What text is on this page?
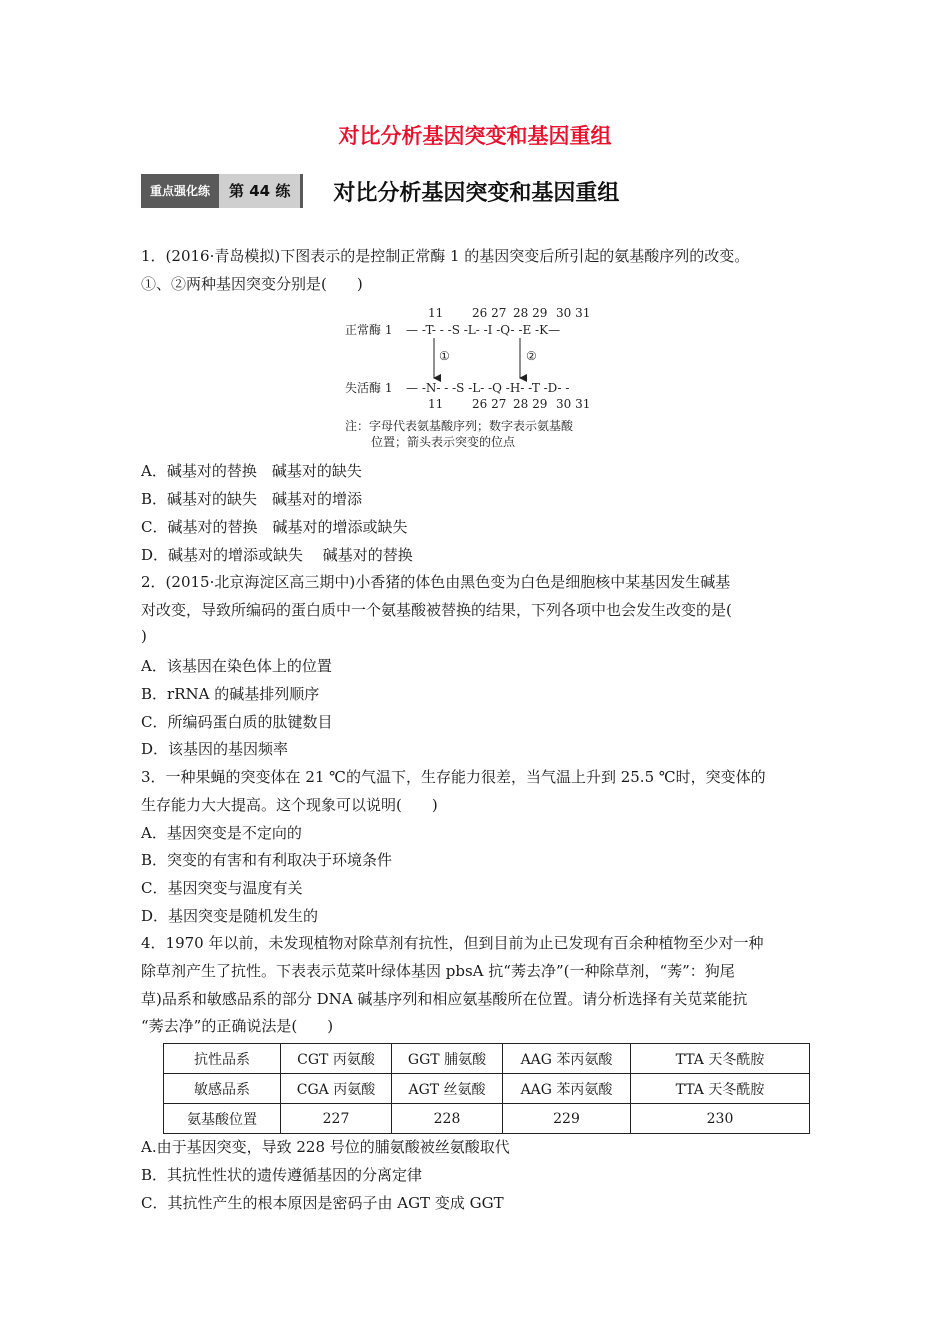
对比分析基因突变和基因重组
重点强化练	第 44 练	对比分析基因突变和基因重组
1．(2016·青岛模拟)下图表示的是控制正常酶 1 的基因突变后所引起的氨基酸序列的改变。
①、②两种基因突变分别是(　　)
11 26 27 28 29 30 31
正常酶 1 — -T- - -S -L- -I -Q- -E -K—
①	②
失活酶 1 — -N- - -S -L- -Q -H- -T -D- -
11 26 27 28 29 30 31
注：字母代表氨基酸序列；数字表示氨基酸
位置；箭头表示突变的位点
A．碱基对的替换　碱基对的缺失
B．碱基对的缺失　碱基对的增添
C．碱基对的替换　碱基对的增添或缺失
D．碱基对的增添或缺失　 碱基对的替换
2．(2015·北京海淀区高三期中)小香猪的体色由黑色变为白色是细胞核中某基因发生碱基
对改变，导致所编码的蛋白质中一个氨基酸被替换的结果，下列各项中也会发生改变的是(
)
A．该基因在染色体上的位置
B．rRNA 的碱基排列顺序
C．所编码蛋白质的肽键数目
D．该基因的基因频率
3．一种果蝇的突变体在 21 ℃的气温下，生存能力很差，当气温上升到 25.5 ℃时，突变体的
生存能力大大提高。这个现象可以说明(　　)
A．基因突变是不定向的
B．突变的有害和有利取决于环境条件
C．基因突变与温度有关
D．基因突变是随机发生的
4．1970 年以前，未发现植物对除草剂有抗性，但到目前为止已发现有百余种植物至少对一种
除草剂产生了抗性。下表表示苋菜叶绿体基因 pbsA 抗“莠去净”(一种除草剂，“莠”：狗尾
草)品系和敏感品系的部分 DNA 碱基序列和相应氨基酸所在位置。请分析选择有关苋菜能抗
“莠去净”的正确说法是(　　)
抗性品系	CGT 丙氨酸	GGT 脯氨酸	AAG 苯丙氨酸	TTA 天冬酰胺
敏感品系	CGA 丙氨酸	AGT 丝氨酸	AAG 苯丙氨酸	TTA 天冬酰胺
氨基酸位置	227	228	229	230
A.由于基因突变，导致 228 号位的脯氨酸被丝氨酸取代
B．其抗性性状的遗传遵循基因的分离定律
C．其抗性产生的根本原因是密码子由 AGT 变成 GGT
